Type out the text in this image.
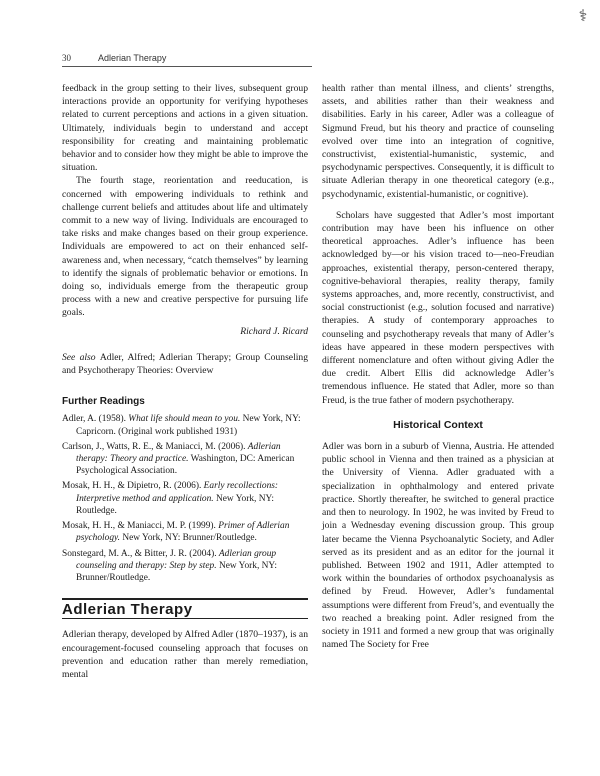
⚕
30	Adlerian Therapy

feedback in the group setting to their lives, subsequent group interactions provide an opportunity for verifying hypotheses related to current perceptions and actions in a given situation. Ultimately, individuals begin to understand and accept responsibility for creating and maintaining problematic behavior and to consider how they might be able to improve the situation.

The fourth stage, reorientation and reeducation, is concerned with empowering individuals to rethink and challenge current beliefs and attitudes about life and ultimately commit to a new way of living. Individuals are encouraged to take risks and make changes based on their group experience. Individuals are empowered to act on their enhanced self-awareness and, when necessary, “catch themselves” by learning to identify the signals of problematic behavior or emotions. In doing so, individuals emerge from the therapeutic group process with a new and creative perspective for pursuing life goals.

Richard J. Ricard

See also Adler, Alfred; Adlerian Therapy; Group Counseling and Psychotherapy Theories: Overview

Further Readings

Adler, A. (1958). What life should mean to you. New York, NY: Capricorn. (Original work published 1931)

Carlson, J., Watts, R. E., & Maniacci, M. (2006). Adlerian therapy: Theory and practice. Washington, DC: American Psychological Association.

Mosak, H. H., & Dipietro, R. (2006). Early recollections: Interpretive method and application. New York, NY: Routledge.

Mosak, H. H., & Maniacci, M. P. (1999). Primer of Adlerian psychology. New York, NY: Brunner/Routledge.

Sonstegard, M. A., & Bitter, J. R. (2004). Adlerian group counseling and therapy: Step by step. New York, NY: Brunner/Routledge.

Adlerian Therapy

Adlerian therapy, developed by Alfred Adler (1870–1937), is an encouragement-focused counseling approach that focuses on prevention and education rather than merely remediation, mental

health rather than mental illness, and clients’ strengths, assets, and abilities rather than their weakness and disabilities. Early in his career, Adler was a colleague of Sigmund Freud, but his theory and practice of counseling evolved over time into an integration of cognitive, constructivist, existential-humanistic, systemic, and psychodynamic perspectives. Consequently, it is difficult to situate Adlerian therapy in one theoretical category (e.g., psychodynamic, existential-humanistic, or cognitive).

Scholars have suggested that Adler’s most important contribution may have been his influence on other theoretical approaches. Adler’s influence has been acknowledged by—or his vision traced to—neo-Freudian approaches, existential therapy, person-centered therapy, cognitive-behavioral therapies, reality therapy, family systems approaches, and, more recently, constructivist, and social constructionist (e.g., solution focused and narrative) therapies. A study of contemporary approaches to counseling and psychotherapy reveals that many of Adler’s ideas have appeared in these modern perspectives with different nomenclature and often without giving Adler the due credit. Albert Ellis did acknowledge Adler’s tremendous influence. He stated that Adler, more so than Freud, is the true father of modern psychotherapy.

Historical Context

Adler was born in a suburb of Vienna, Austria. He attended public school in Vienna and then trained as a physician at the University of Vienna. Adler graduated with a specialization in ophthalmology and entered private practice. Shortly thereafter, he switched to general practice and then to neurology. In 1902, he was invited by Freud to join a Wednesday evening discussion group. This group later became the Vienna Psychoanalytic Society, and Adler served as its president and as an editor for the journal it published. Between 1902 and 1911, Adler attempted to work within the boundaries of orthodox psychoanalysis as defined by Freud. However, Adler’s fundamental assumptions were different from Freud’s, and eventually the two reached a breaking point. Adler resigned from the society in 1911 and formed a new group that was originally named The Society for Free
